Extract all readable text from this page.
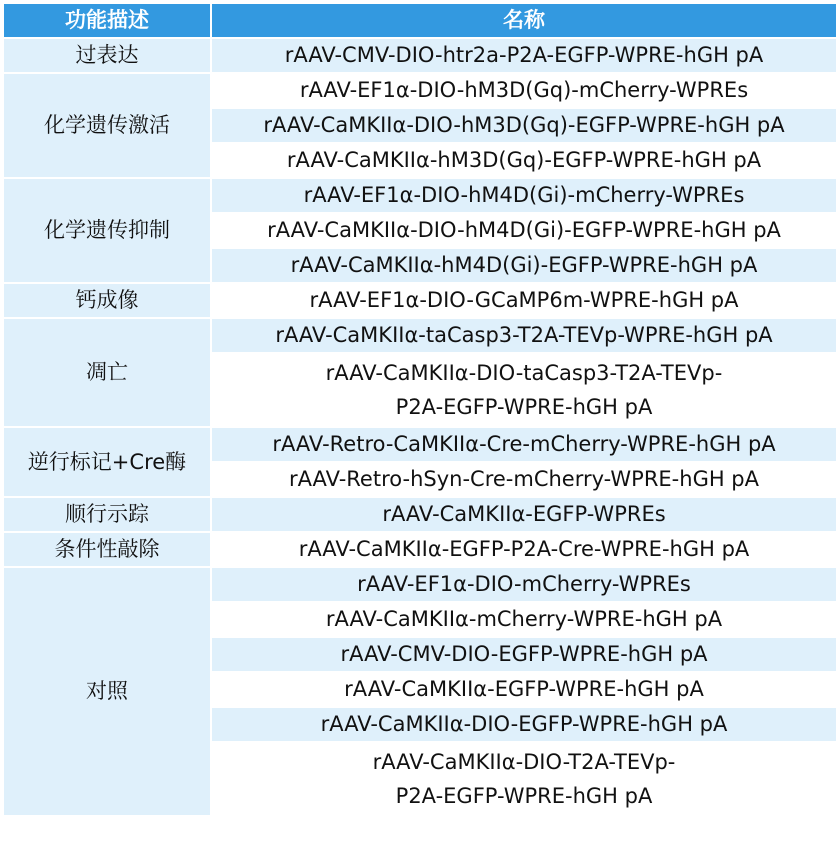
功能描述	名称
过表达	rAAV-CMV-DIO-htr2a-P2A-EGFP-WPRE-hGH pA

化学遗传激活	rAAV-EF1α-DIO-hM3D(Gq)-mCherry-WPREs

	rAAV-CaMKIIα-DIO-hM3D(Gq)-EGFP-WPRE-hGH pA

	rAAV-CaMKIIα-hM3D(Gq)-EGFP-WPRE-hGH pA

化学遗传抑制	rAAV-EF1α-DIO-hM4D(Gi)-mCherry-WPREs

	rAAV-CaMKIIα-DIO-hM4D(Gi)-EGFP-WPRE-hGH pA

	rAAV-CaMKIIα-hM4D(Gi)-EGFP-WPRE-hGH pA

钙成像	rAAV-EF1α-DIO-GCaMP6m-WPRE-hGH pA

凋亡	rAAV-CaMKIIα-taCasp3-T2A-TEVp-WPRE-hGH pA

	rAAV-CaMKIIα-DIO-taCasp3-T2A-TEVp-
P2A-EGFP-WPRE-hGH pA

逆行标记+Cre酶	rAAV-Retro-CaMKIIα-Cre-mCherry-WPRE-hGH pA

	rAAV-Retro-hSyn-Cre-mCherry-WPRE-hGH pA

顺行示踪	rAAV-CaMKIIα-EGFP-WPREs

条件性敲除	rAAV-CaMKIIα-EGFP-P2A-Cre-WPRE-hGH pA

对照	rAAV-EF1α-DIO-mCherry-WPREs

	rAAV-CaMKIIα-mCherry-WPRE-hGH pA

	rAAV-CMV-DIO-EGFP-WPRE-hGH pA

	rAAV-CaMKIIα-EGFP-WPRE-hGH pA

	rAAV-CaMKIIα-DIO-EGFP-WPRE-hGH pA

	rAAV-CaMKIIα-DIO-T2A-TEVp-
P2A-EGFP-WPRE-hGH pA
